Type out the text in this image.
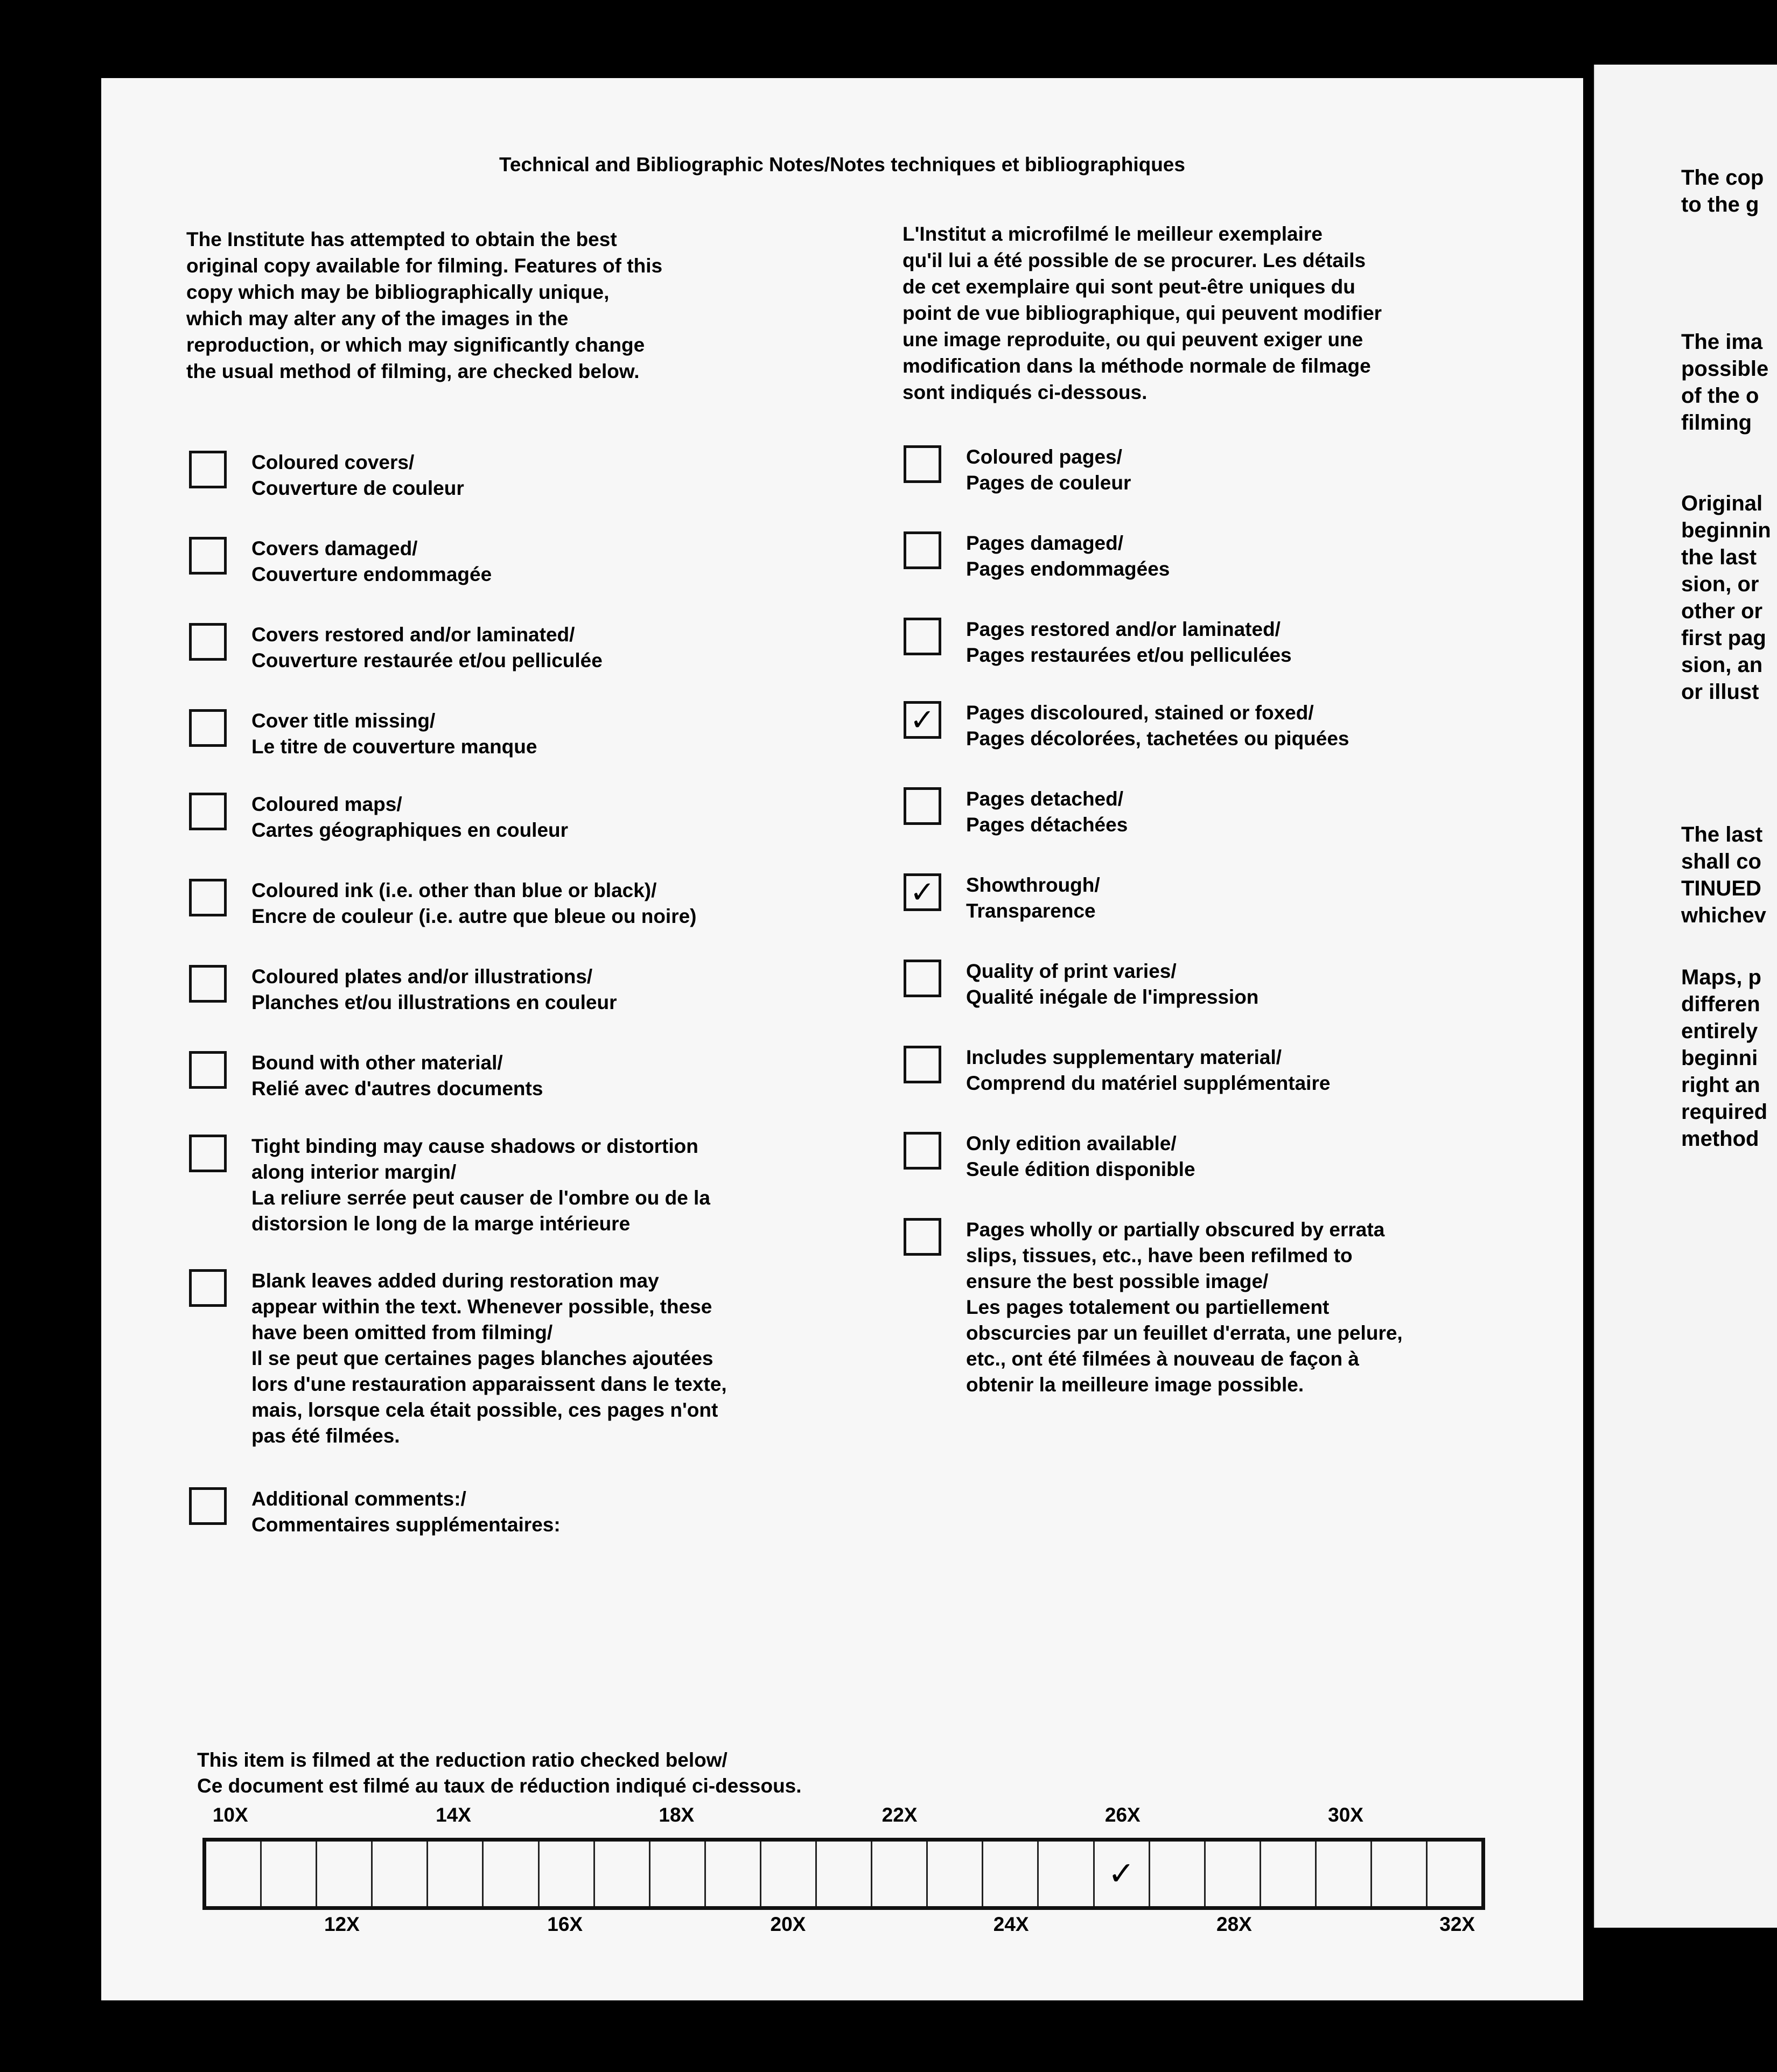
Technical and Bibliographic Notes/Notes techniques et bibliographiques
The Institute has attempted to obtain the best
original copy available for filming. Features of this
copy which may be bibliographically unique,
which may alter any of the images in the
reproduction, or which may significantly change
the usual method of filming, are checked below.
L'Institut a microfilmé le meilleur exemplaire
qu'il lui a été possible de se procurer. Les détails
de cet exemplaire qui sont peut-être uniques du
point de vue bibliographique, qui peuvent modifier
une image reproduite, ou qui peuvent exiger une
modification dans la méthode normale de filmage
sont indiqués ci-dessous.
Coloured covers/
Couverture de couleur
Covers damaged/
Couverture endommagée
Covers restored and/or laminated/
Couverture restaurée et/ou pelliculée
Cover title missing/
Le titre de couverture manque
Coloured maps/
Cartes géographiques en couleur
Coloured ink (i.e. other than blue or black)/
Encre de couleur (i.e. autre que bleue ou noire)
Coloured plates and/or illustrations/
Planches et/ou illustrations en couleur
Bound with other material/
Relié avec d'autres documents
Tight binding may cause shadows or distortion
along interior margin/
La reliure serrée peut causer de l'ombre ou de la
distorsion le long de la marge intérieure
Blank leaves added during restoration may
appear within the text. Whenever possible, these
have been omitted from filming/
Il se peut que certaines pages blanches ajoutées
lors d'une restauration apparaissent dans le texte,
mais, lorsque cela était possible, ces pages n'ont
pas été filmées.
Additional comments:/
Commentaires supplémentaires:
Coloured pages/
Pages de couleur
Pages damaged/
Pages endommagées
Pages restored and/or laminated/
Pages restaurées et/ou pelliculées
✓	Pages discoloured, stained or foxed/
Pages décolorées, tachetées ou piquées
Pages detached/
Pages détachées
✓	Showthrough/
Transparence
Quality of print varies/
Qualité inégale de l'impression
Includes supplementary material/
Comprend du matériel supplémentaire
Only edition available/
Seule édition disponible
Pages wholly or partially obscured by errata
slips, tissues, etc., have been refilmed to
ensure the best possible image/
Les pages totalement ou partiellement
obscurcies par un feuillet d'errata, une pelure,
etc., ont été filmées à nouveau de façon à
obtenir la meilleure image possible.
This item is filmed at the reduction ratio checked below/
Ce document est filmé au taux de réduction indiqué ci-dessous.
10X	14X	18X	22X	26X	30X
✓
12X	16X	20X	24X	28X	32X
The cop
to the g
The ima
possible
of the o
filming
Original
beginnin
the last
sion, or
other or
first pag
sion, an
or illust
The last
shall co
TINUED
whichev
Maps, p
differen
entirely
beginni
right an
required
method
